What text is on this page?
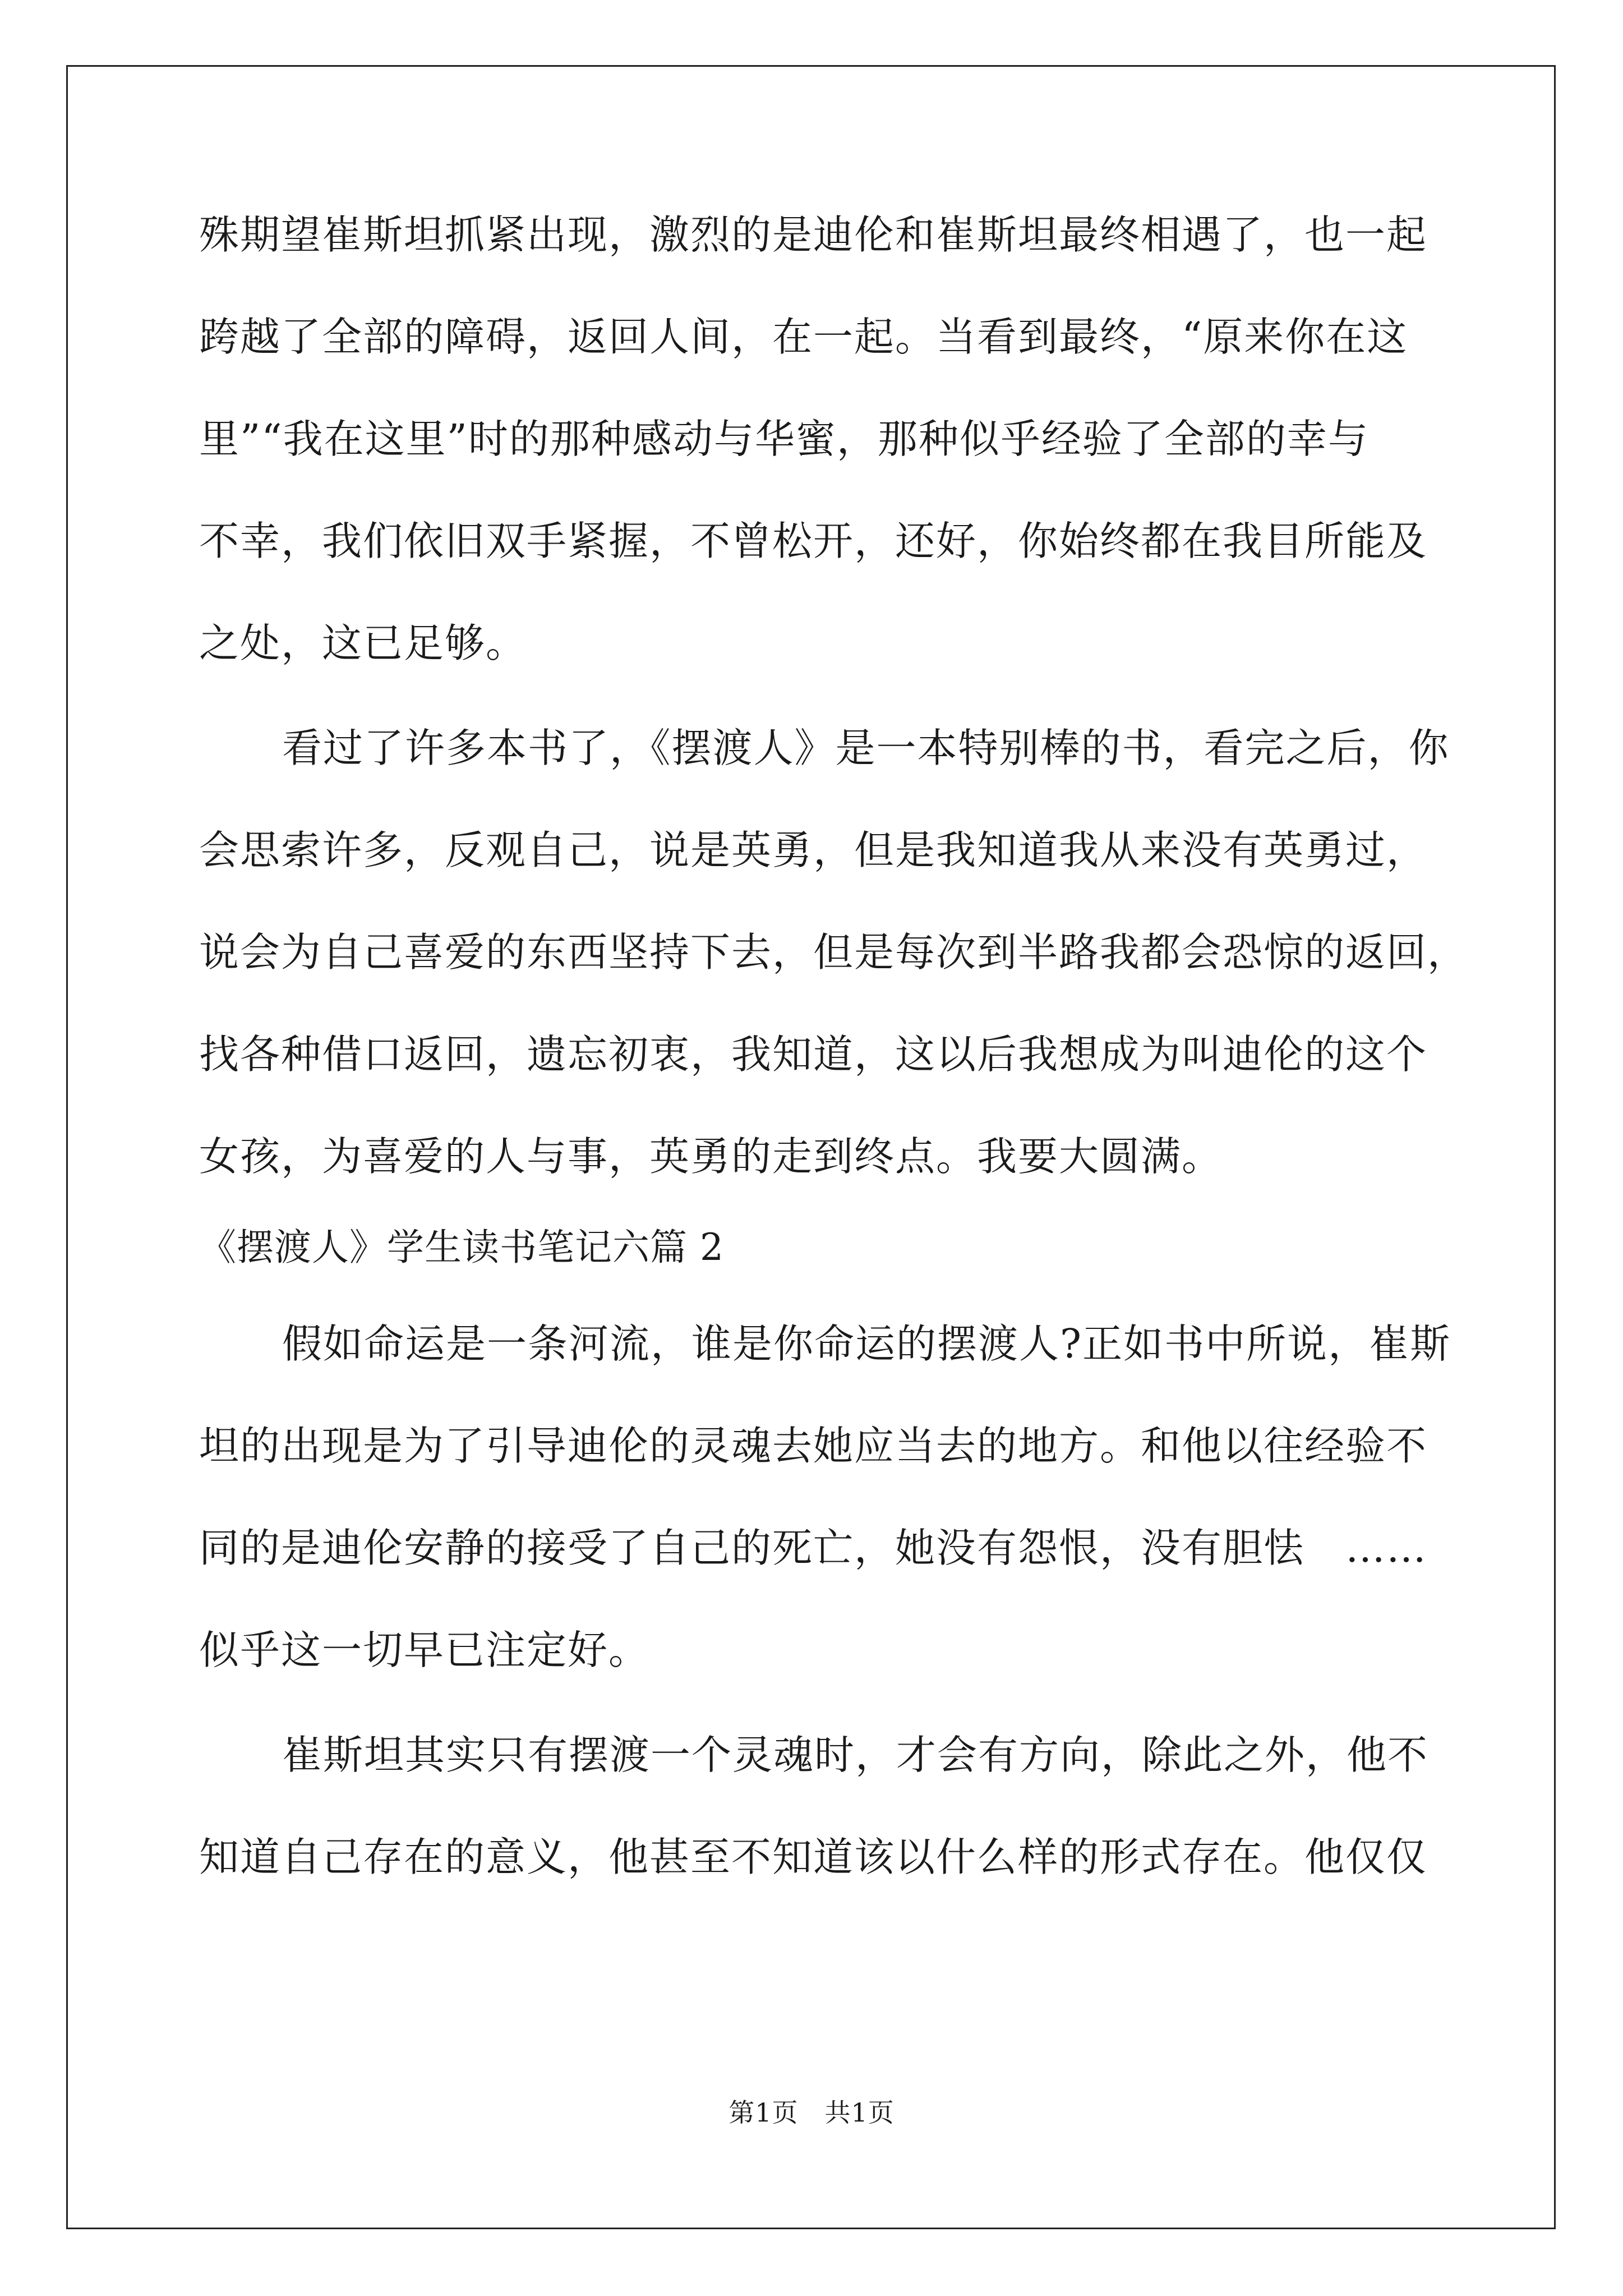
殊期望崔斯坦抓紧出现，激烈的是迪伦和崔斯坦最终相遇了，也一起
跨越了全部的障碍，返回人间，在一起。当看到最终，“原来你在这
里”“我在这里”时的那种感动与华蜜，那种似乎经验了全部的幸与
不幸，我们依旧双手紧握，不曾松开，还好，你始终都在我目所能及
之处，这已足够。
看过了许多本书了，《摆渡人》是一本特别棒的书，看完之后，你
会思索许多，反观自己，说是英勇，但是我知道我从来没有英勇过，
说会为自己喜爱的东西坚持下去，但是每次到半路我都会恐惊的返回，
找各种借口返回，遗忘初衷，我知道，这以后我想成为叫迪伦的这个
女孩，为喜爱的人与事，英勇的走到终点。我要大圆满。
《摆渡人》学生读书笔记六篇 2
假如命运是一条河流，谁是你命运的摆渡人?正如书中所说，崔斯
坦的出现是为了引导迪伦的灵魂去她应当去的地方。和他以往经验不
同的是迪伦安静的接受了自己的死亡，她没有怨恨，没有胆怯　……
似乎这一切早已注定好。
崔斯坦其实只有摆渡一个灵魂时，才会有方向，除此之外，他不
知道自己存在的意义，他甚至不知道该以什么样的形式存在。他仅仅
第1页　共1页
